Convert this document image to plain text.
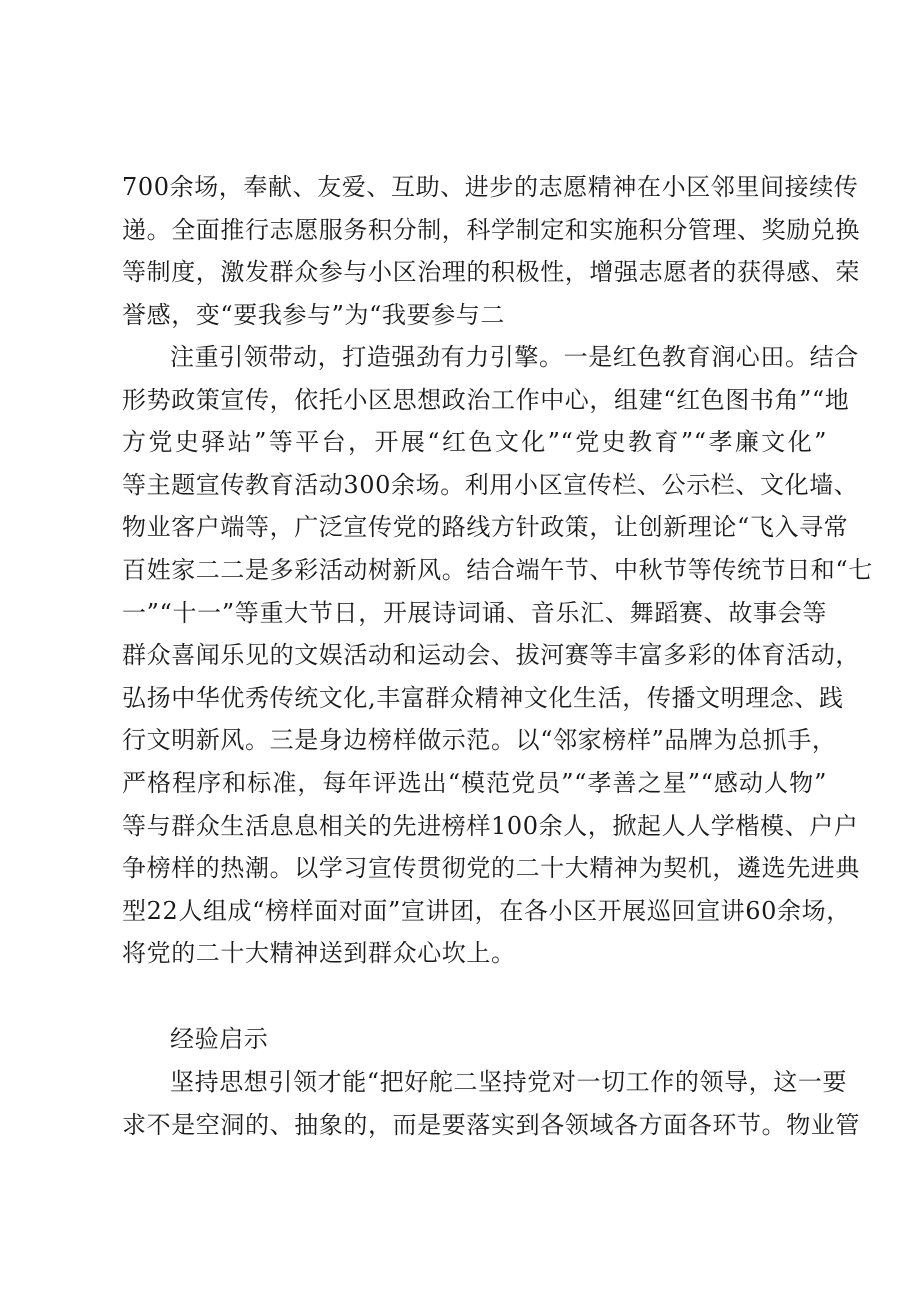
700余场，奉献、友爱、互助、进步的志愿精神在小区邻里间接续传
递。全面推行志愿服务积分制，科学制定和实施积分管理、奖励兑换
等制度，激发群众参与小区治理的积极性，增强志愿者的获得感、荣
誉感，变“要我参与”为“我要参与二
注重引领带动，打造强劲有力引擎。一是红色教育润心田。结合
形势政策宣传，依托小区思想政治工作中心，组建“红色图书角”“地
方党史驿站”等平台，开展“红色文化”“党史教育”“孝廉文化”
等主题宣传教育活动300余场。利用小区宣传栏、公示栏、文化墙、
物业客户端等，广泛宣传党的路线方针政策，让创新理论“飞入寻常
百姓家二二是多彩活动树新风。结合端午节、中秋节等传统节日和“七
一”“十一”等重大节日，开展诗词诵、音乐汇、舞蹈赛、故事会等
群众喜闻乐见的文娱活动和运动会、拔河赛等丰富多彩的体育活动，
弘扬中华优秀传统文化,丰富群众精神文化生活，传播文明理念、践
行文明新风。三是身边榜样做示范。以“邻家榜样”品牌为总抓手，
严格程序和标准，每年评选出“模范党员”“孝善之星”“感动人物”
等与群众生活息息相关的先进榜样100余人，掀起人人学楷模、户户
争榜样的热潮。以学习宣传贯彻党的二十大精神为契机，遴选先进典
型22人组成“榜样面对面”宣讲团，在各小区开展巡回宣讲60余场，
将党的二十大精神送到群众心坎上。
经验启示
坚持思想引领才能“把好舵二坚持党对一切工作的领导，这一要
求不是空洞的、抽象的，而是要落实到各领域各方面各环节。物业管
